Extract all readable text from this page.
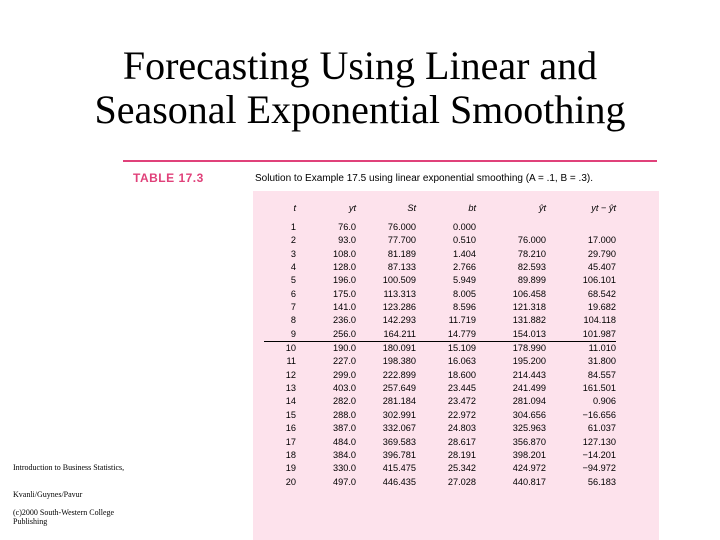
Forecasting Using Linear and
Seasonal Exponential Smoothing
TABLE 17.3	Solution to Example 17.5 using linear exponential smoothing (A = .1, B = .3).
t	yt	St	bt	ŷt	yt − ŷt
1	76.0	76.000	0.000		
2	93.0	77.700	0.510	76.000	17.000
3	108.0	81.189	1.404	78.210	29.790
4	128.0	87.133	2.766	82.593	45.407
5	196.0	100.509	5.949	89.899	106.101
6	175.0	113.313	8.005	106.458	68.542
7	141.0	123.286	8.596	121.318	19.682
8	236.0	142.293	11.719	131.882	104.118
9	256.0	164.211	14.779	154.013	101.987
10	190.0	180.091	15.109	178.990	11.010
11	227.0	198.380	16.063	195.200	31.800
12	299.0	222.899	18.600	214.443	84.557
13	403.0	257.649	23.445	241.499	161.501
14	282.0	281.184	23.472	281.094	0.906
15	288.0	302.991	22.972	304.656	−16.656
16	387.0	332.067	24.803	325.963	61.037
17	484.0	369.583	28.617	356.870	127.130
18	384.0	396.781	28.191	398.201	−14.201
19	330.0	415.475	25.342	424.972	−94.972
20	497.0	446.435	27.028	440.817	56.183
Introduction to Business Statistics,
Kvanli/Guynes/Pavur
(c)2000 South-Western College
Publishing
